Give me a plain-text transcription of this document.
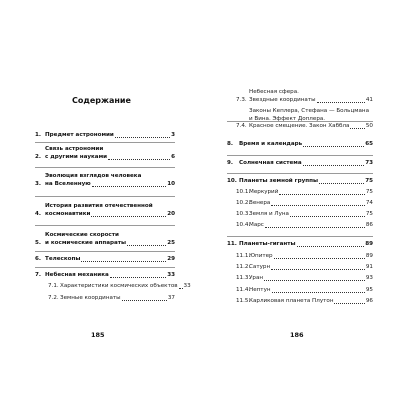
Содержание
1. Предмет астрономии	3
2.
Связь астрономии
с другими науками	6
3.
Эволюция взглядов человека
на Вселенную	10
4.
История развития отечественной
космонавтики	20
5.
Космические скорости
и космические аппараты	25
6. Телескопы	29
7. Небесная механика	33
7.1. Характеристики космических объектов 33
7.2. Земные координаты	37
185
7.3.
Небесная сфера.
Звездные координаты	41
7.4.
Законы Кеплера, Стефана — Больцмана
и Вина. Эффект Доплера.
Красное смещение. Закон Хаббла	50
8.	Время и календарь	65
9.	Солнечная система	73
10. Планеты земной группы	75
10.1.
Меркурий	75
10.2.
Венера	74
10.3.
Земля и Луна	75
10.4.
Марс	86
11. Планеты-гиганты	89
11.1.
Юпитер	89
11.2.
Сатурн	91
11.3.
Уран	93
11.4.
Нептун	95
11.5.
Карликовая планета Плутон	96
186
